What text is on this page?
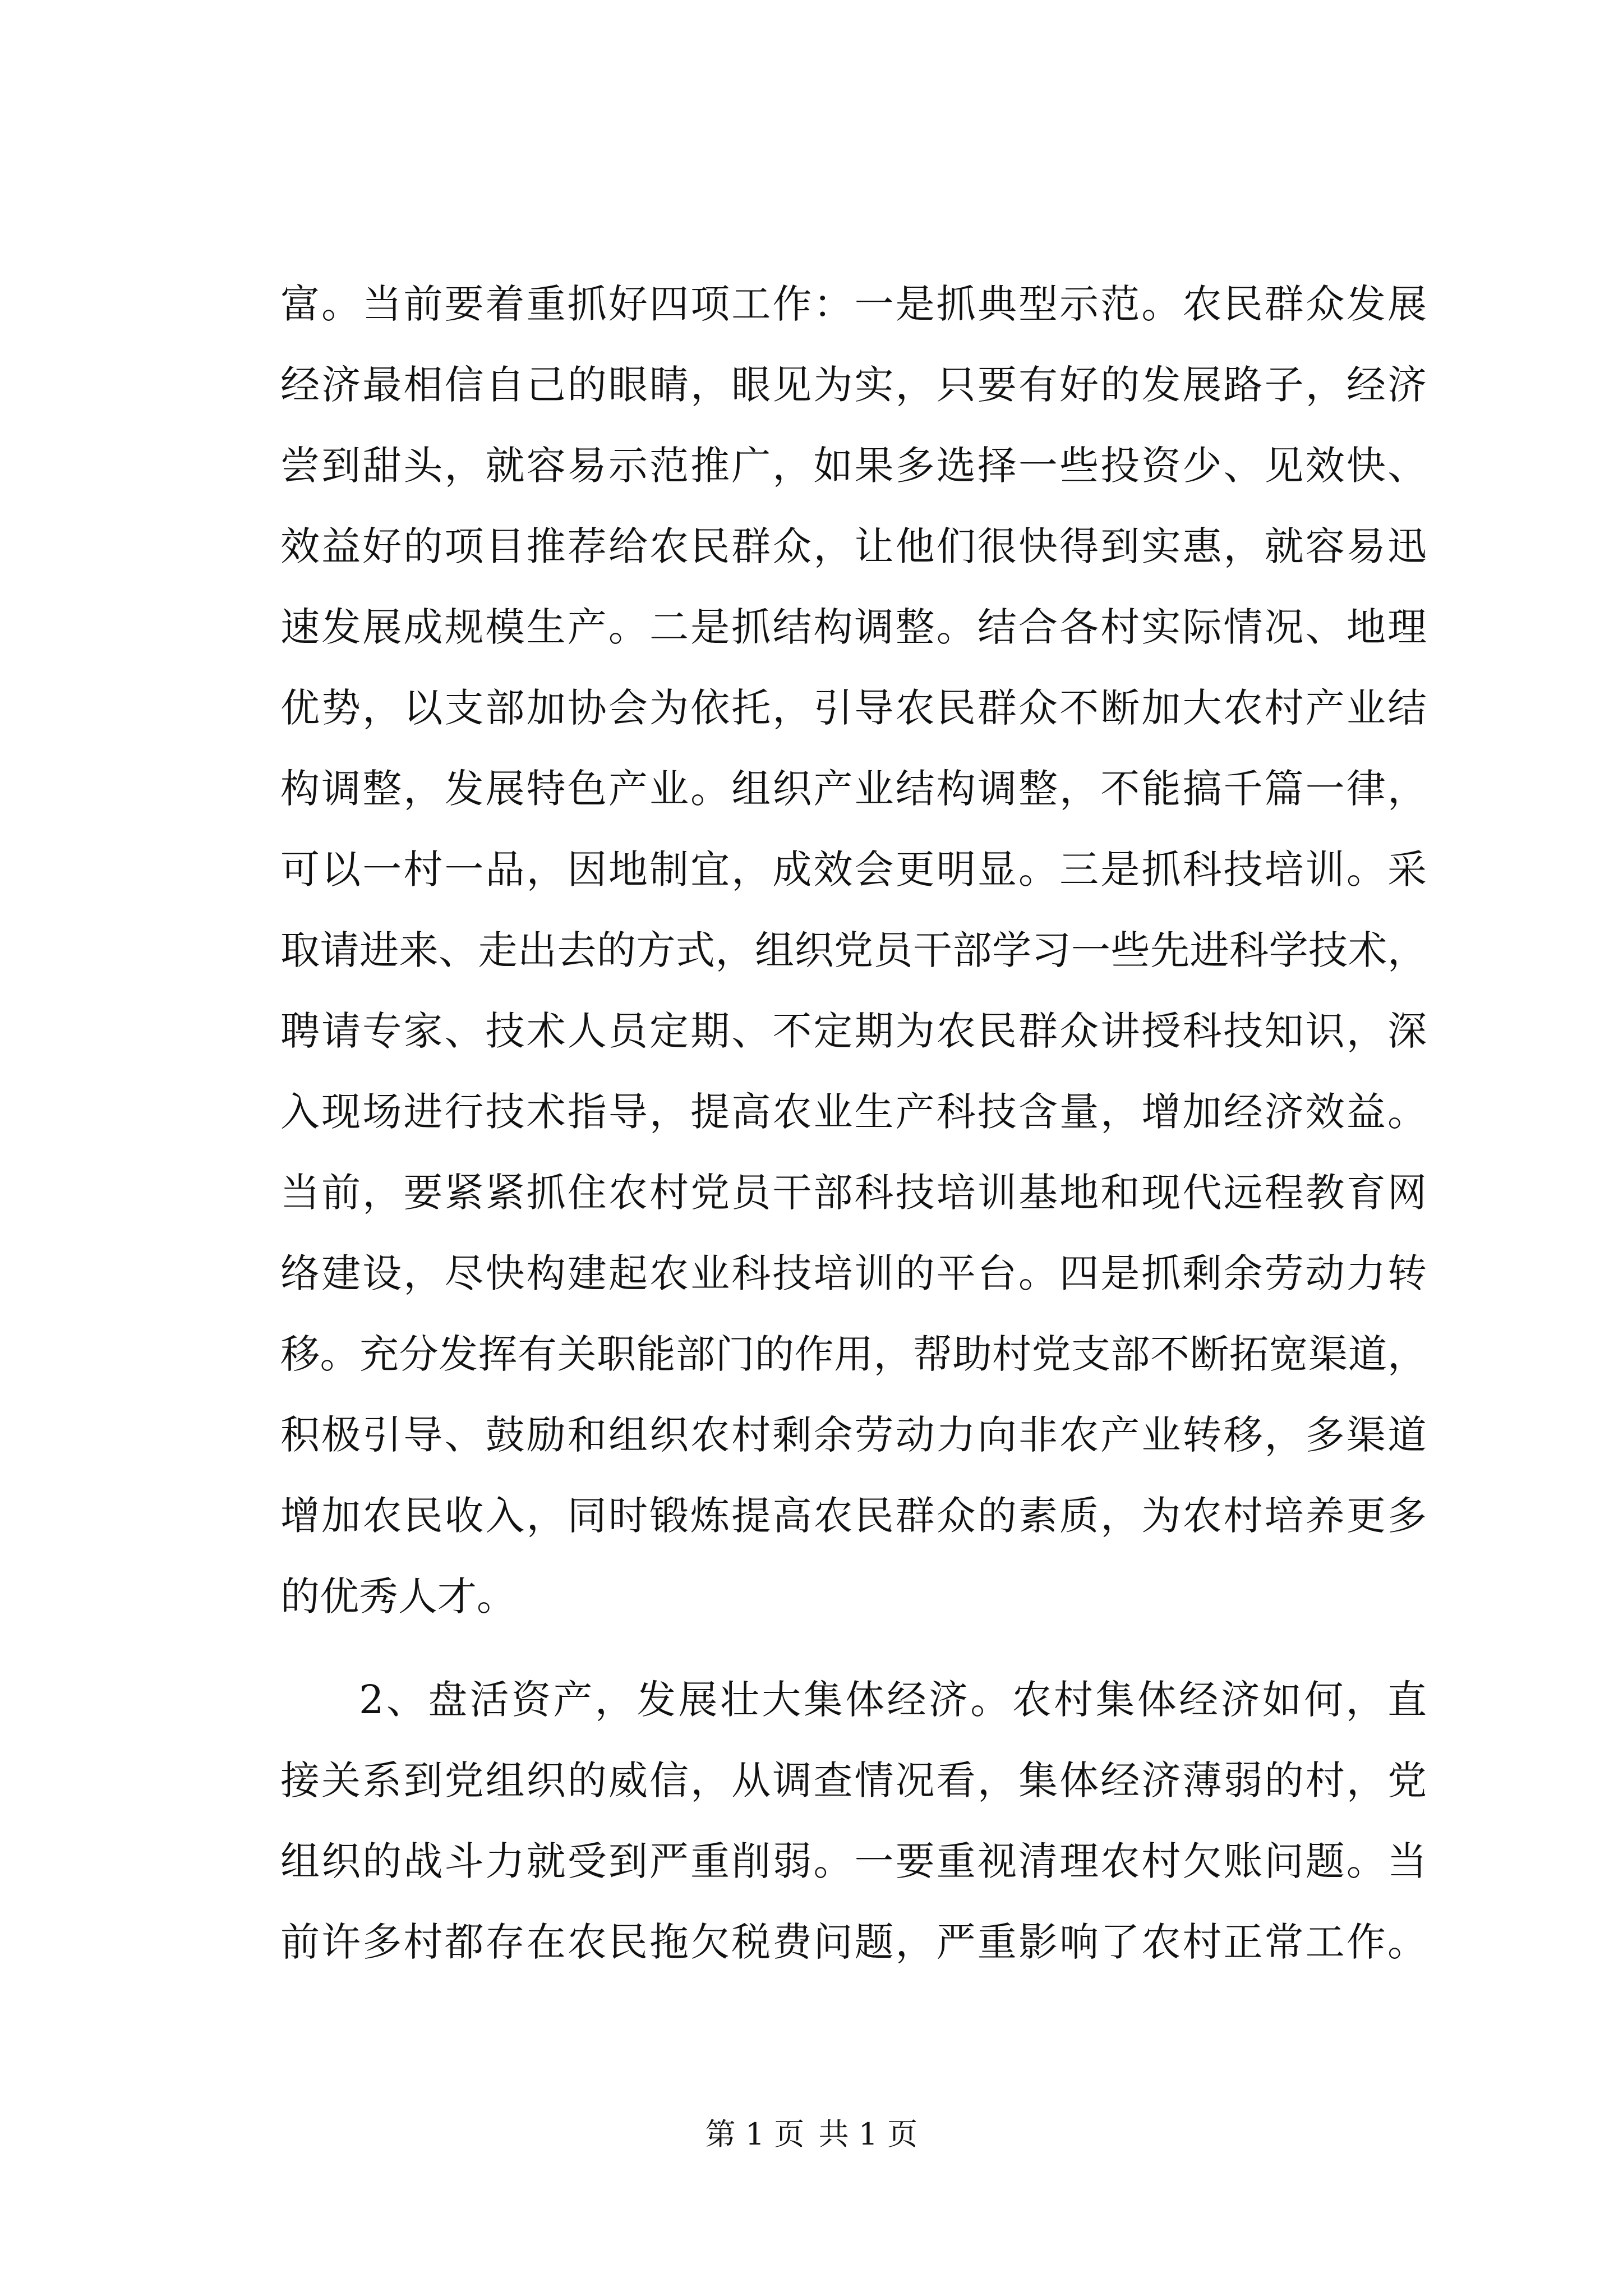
富。当前要着重抓好四项工作：一是抓典型示范。农民群众发展
经济最相信自己的眼睛，眼见为实，只要有好的发展路子，经济
尝到甜头，就容易示范推广，如果多选择一些投资少、见效快、
效益好的项目推荐给农民群众，让他们很快得到实惠，就容易迅
速发展成规模生产。二是抓结构调整。结合各村实际情况、地理
优势，以支部加协会为依托，引导农民群众不断加大农村产业结
构调整，发展特色产业。组织产业结构调整，不能搞千篇一律，
可以一村一品，因地制宜，成效会更明显。三是抓科技培训。采
取请进来、走出去的方式，组织党员干部学习一些先进科学技术，
聘请专家、技术人员定期、不定期为农民群众讲授科技知识，深
入现场进行技术指导，提高农业生产科技含量，增加经济效益。
当前，要紧紧抓住农村党员干部科技培训基地和现代远程教育网
络建设，尽快构建起农业科技培训的平台。四是抓剩余劳动力转
移。充分发挥有关职能部门的作用，帮助村党支部不断拓宽渠道，
积极引导、鼓励和组织农村剩余劳动力向非农产业转移，多渠道
增加农民收入，同时锻炼提高农民群众的素质，为农村培养更多
的优秀人才。
2、盘活资产，发展壮大集体经济。农村集体经济如何，直
接关系到党组织的威信，从调查情况看，集体经济薄弱的村，党
组织的战斗力就受到严重削弱。一要重视清理农村欠账问题。当
前许多村都存在农民拖欠税费问题，严重影响了农村正常工作。
第 1 页 共 1 页
